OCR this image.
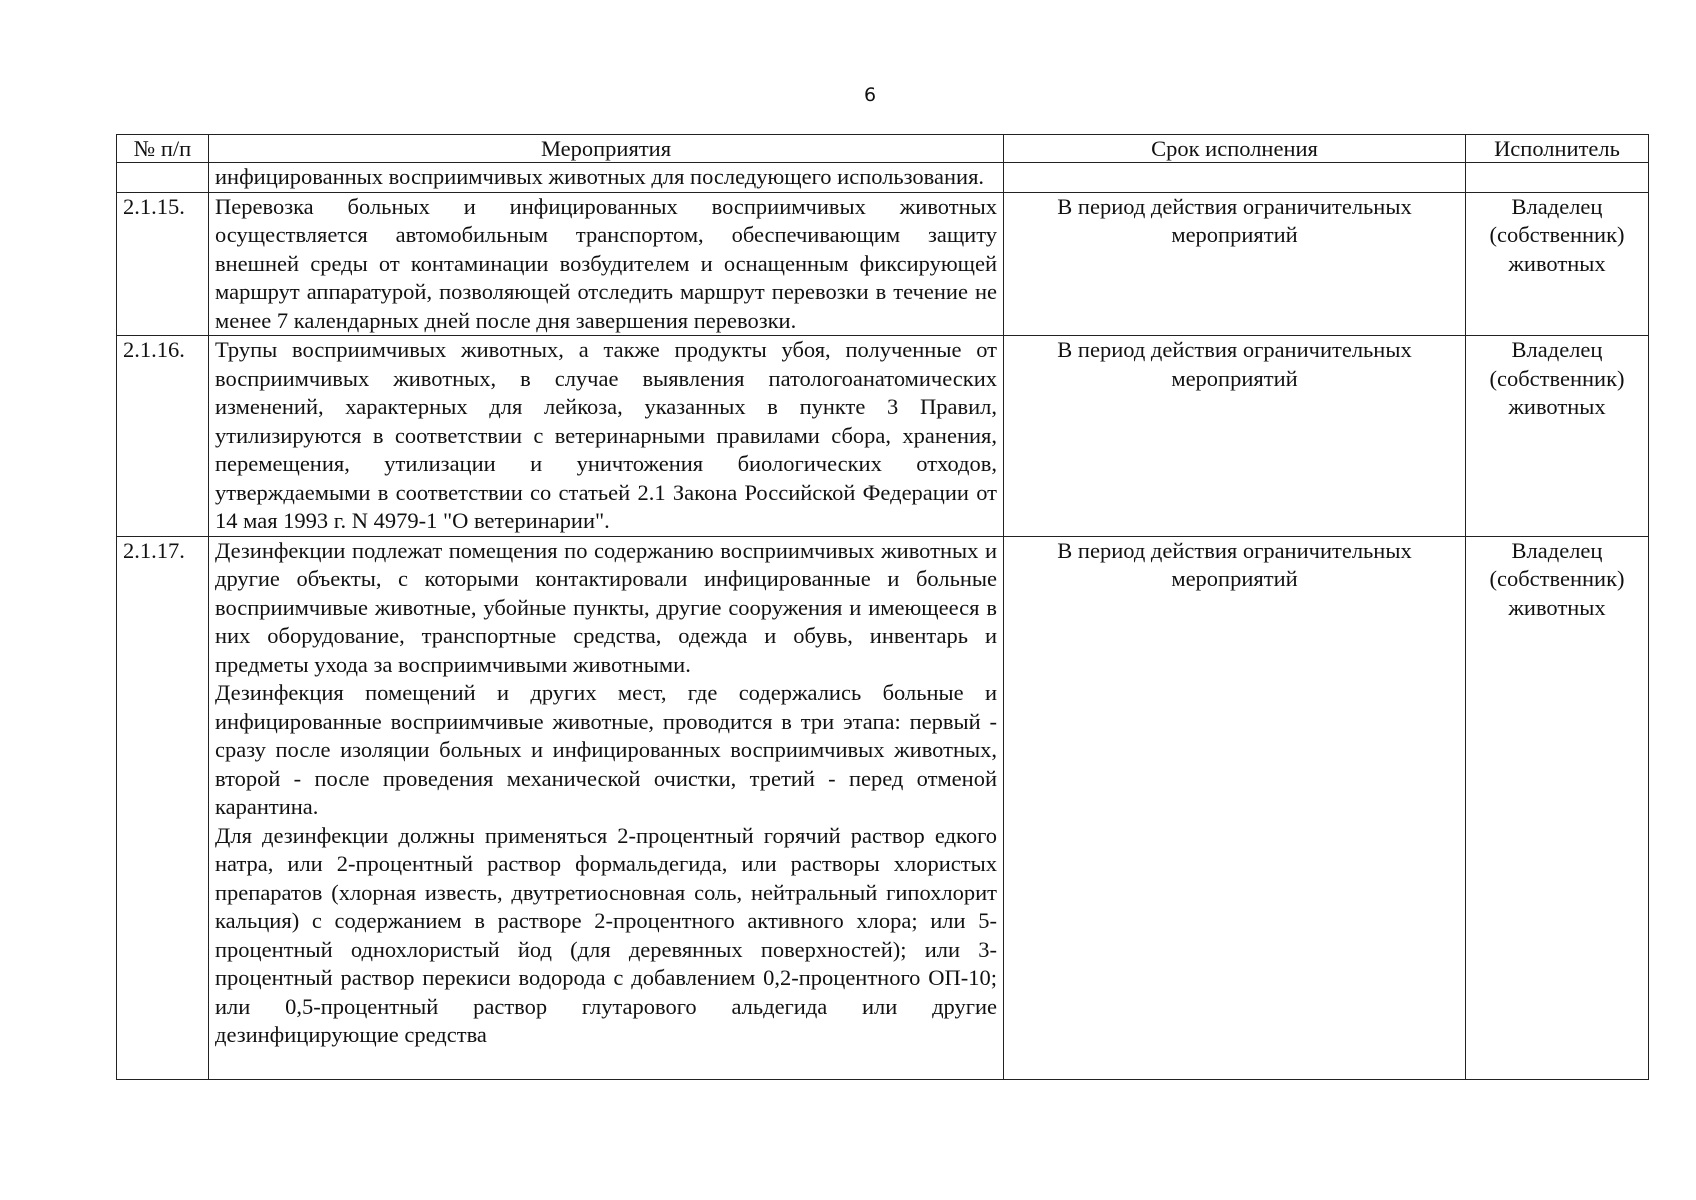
6
№ п/п	Мероприятия	Срок исполнения	Исполнитель

	инфицированных восприимчивых животных для последующего использования.		

2.1.15.	Перевозка больных и инфицированных восприимчивых животных осуществляется автомобильным транспортом, обеспечивающим защиту внешней среды от контаминации возбудителем и оснащенным фиксирующей маршрут аппаратурой, позволяющей отследить маршрут перевозки в течение не менее 7 календарных дней после дня завершения перевозки.	В период действия ограничительных мероприятий	Владелец (собственник) животных
2.1.16.	Трупы восприимчивых животных, а также продукты убоя, полученные от восприимчивых животных, в случае выявления патологоанатомических изменений, характерных для лейкоза, указанных в пункте 3 Правил, утилизируются в соответствии с ветеринарными правилами сбора, хранения, перемещения, утилизации и уничтожения биологических отходов, утверждаемыми в соответствии со статьей 2.1 Закона Российской Федерации от 14 мая 1993 г. N 4979-1 "О ветеринарии".	В период действия ограничительных мероприятий	Владелец (собственник) животных
2.1.17.	Дезинфекции подлежат помещения по содержанию восприимчивых животных и другие объекты, с которыми контактировали инфицированные и больные восприимчивые животные, убойные пункты, другие сооружения и имеющееся в них оборудование, транспортные средства, одежда и обувь, инвентарь и предметы ухода за восприимчивыми животными.

Дезинфекция помещений и других мест, где содержались больные и инфицированные восприимчивые животные, проводится в три этапа: первый - сразу после изоляции больных и инфицированных восприимчивых животных, второй - после проведения механической очистки, третий - перед отменой карантина.

Для дезинфекции должны применяться 2-процентный горячий раствор едкого натра, или 2-процентный раствор формальдегида, или растворы хлористых препаратов (хлорная известь, двутретиосновная соль, нейтральный гипохлорит кальция) с содержанием в растворе 2-процентного активного хлора; или 5-процентный однохлористый йод (для деревянных поверхностей); или 3-процентный раствор перекиси водорода с добавлением 0,2-процентного ОП-10; или 0,5-процентный раствор глутарового альдегида или другие дезинфицирующие средства	В период действия ограничительных мероприятий	Владелец (собственник) животных
